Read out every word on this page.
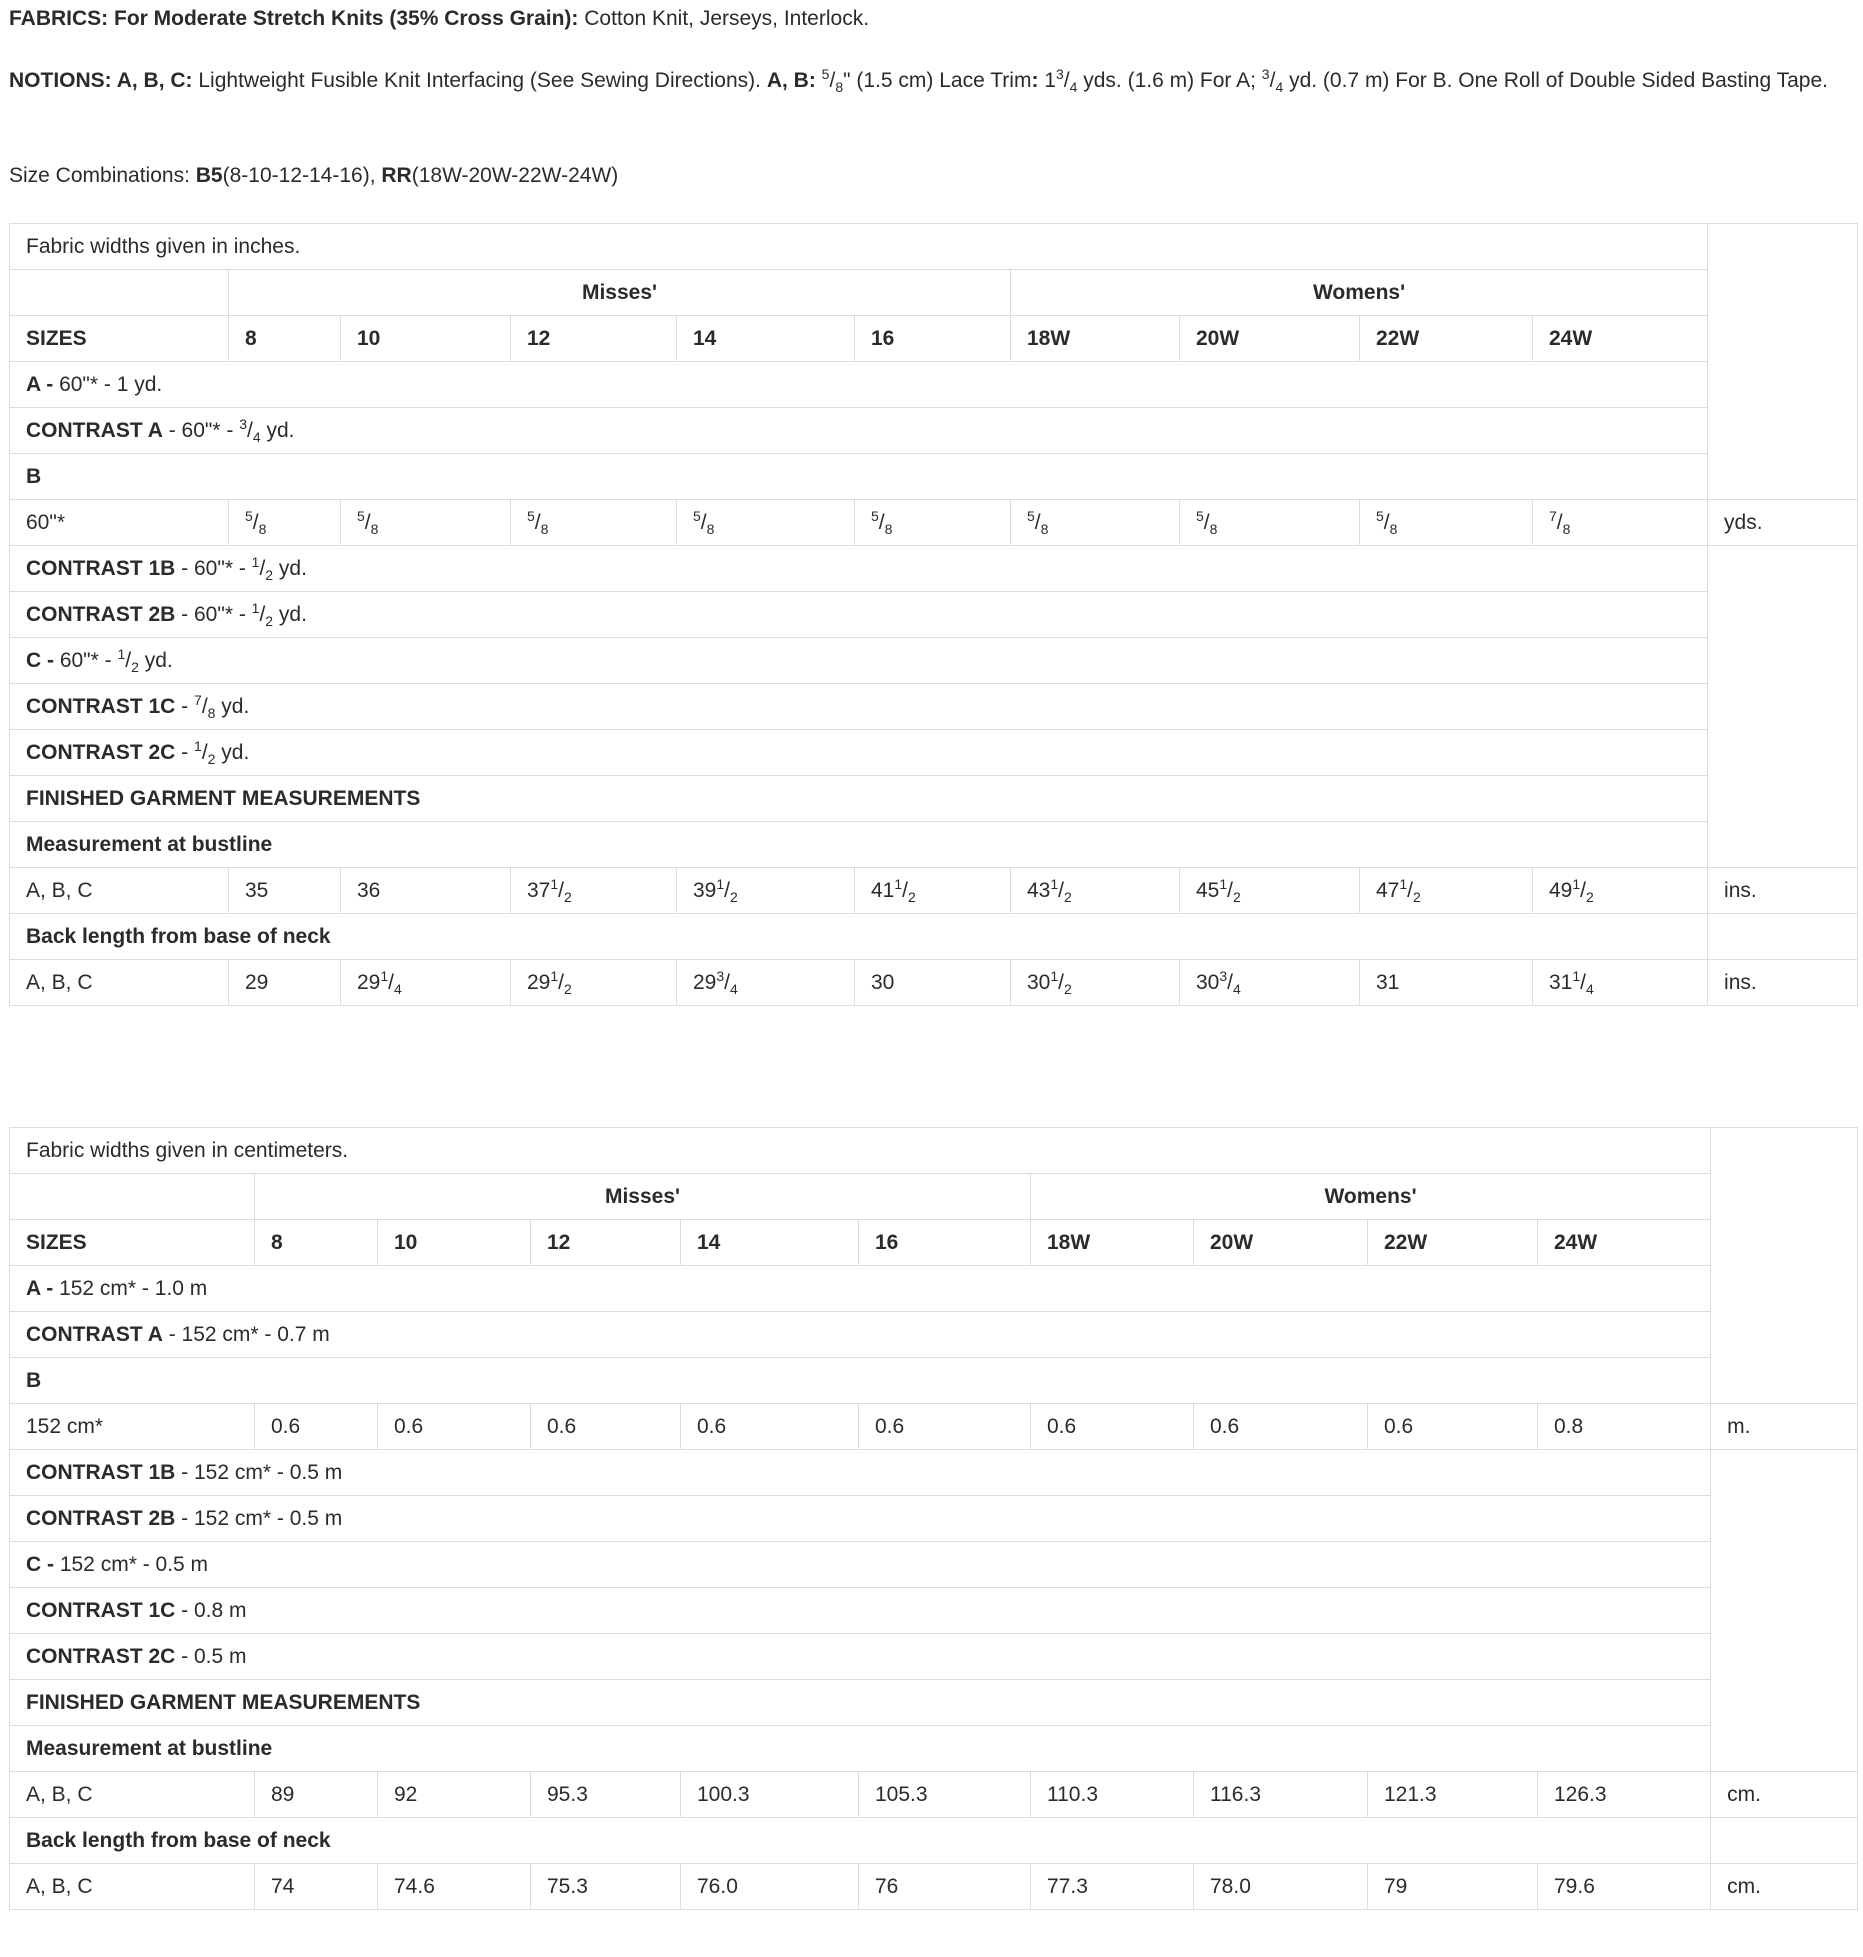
FABRICS: For Moderate Stretch Knits (35% Cross Grain): Cotton Knit, Jerseys, Interlock.

NOTIONS: A, B, C: Lightweight Fusible Knit Interfacing (See Sewing Directions). A, B: $^5/_8$" (1.5 cm) Lace Trim: $1^3/_4$ yds. (1.6 m) For A; $^3/_4$ yd. (0.7 m) For B. One Roll of Double Sided Basting Tape.

Size Combinations: B5(8-10-12-14-16), RR(18W-20W-22W-24W)

Fabric widths given in inches.										
	Misses'					Womens'				
SIZES	8	10	12	14	16	18W	20W	22W	24W	
A - 60"* - 1 yd.										
CONTRAST A - 60"* - $^3/_4$ yd.										
B										
60"*	$^5/_8$	$^5/_8$	$^5/_8$	$^5/_8$	$^5/_8$	$^5/_8$	$^5/_8$	$^5/_8$	$^7/_8$	yds.
CONTRAST 1B - 60"* - $^1/_2$ yd.										
CONTRAST 2B - 60"* - $^1/_2$ yd.										
C - 60"* - $^1/_2$ yd.										
CONTRAST $1C - ^7/_8$ yd.										
CONTRAST $2C - ^1/_2$ yd.										
FINISHED GARMENT MEASUREMENTS										
Measurement at bustline										
A, B, C	35	36	$37^1/_2$	$39^1/_2$	$41^1/_2$	$43^1/_2$	$45^1/_2$	$47^1/_2$	$49^1/_2$	ins.
Back length from base of neck										
A, B, C	29	$29^1/_4$	$29^1/_2$	$29^3/_4$	30	$30^1/_2$	$30^3/_4$	31	$31^1/_4$	ins.
Fabric widths given in centimeters.										
	Misses'					Womens'				
SIZES	8	10	12	14	16	18W	20W	22W	24W	
A - 152 cm* - 1.0 m										
CONTRAST A - 152 cm* - 0.7 m										
B										
152 cm*	0.6	0.6	0.6	0.6	0.6	0.6	0.6	0.6	0.8	m.
CONTRAST 1B - 152 cm* - 0.5 m										
CONTRAST 2B - 152 cm* - 0.5 m										
C - 152 cm* - 0.5 m										
CONTRAST 1C - 0.8 m										
CONTRAST 2C - 0.5 m										
FINISHED GARMENT MEASUREMENTS										
Measurement at bustline										
A, B, C	89	92	95.3	100.3	105.3	110.3	116.3	121.3	126.3	cm.
Back length from base of neck										
A, B, C	74	74.6	75.3	76.0	76	77.3	78.0	79	79.6	cm.
